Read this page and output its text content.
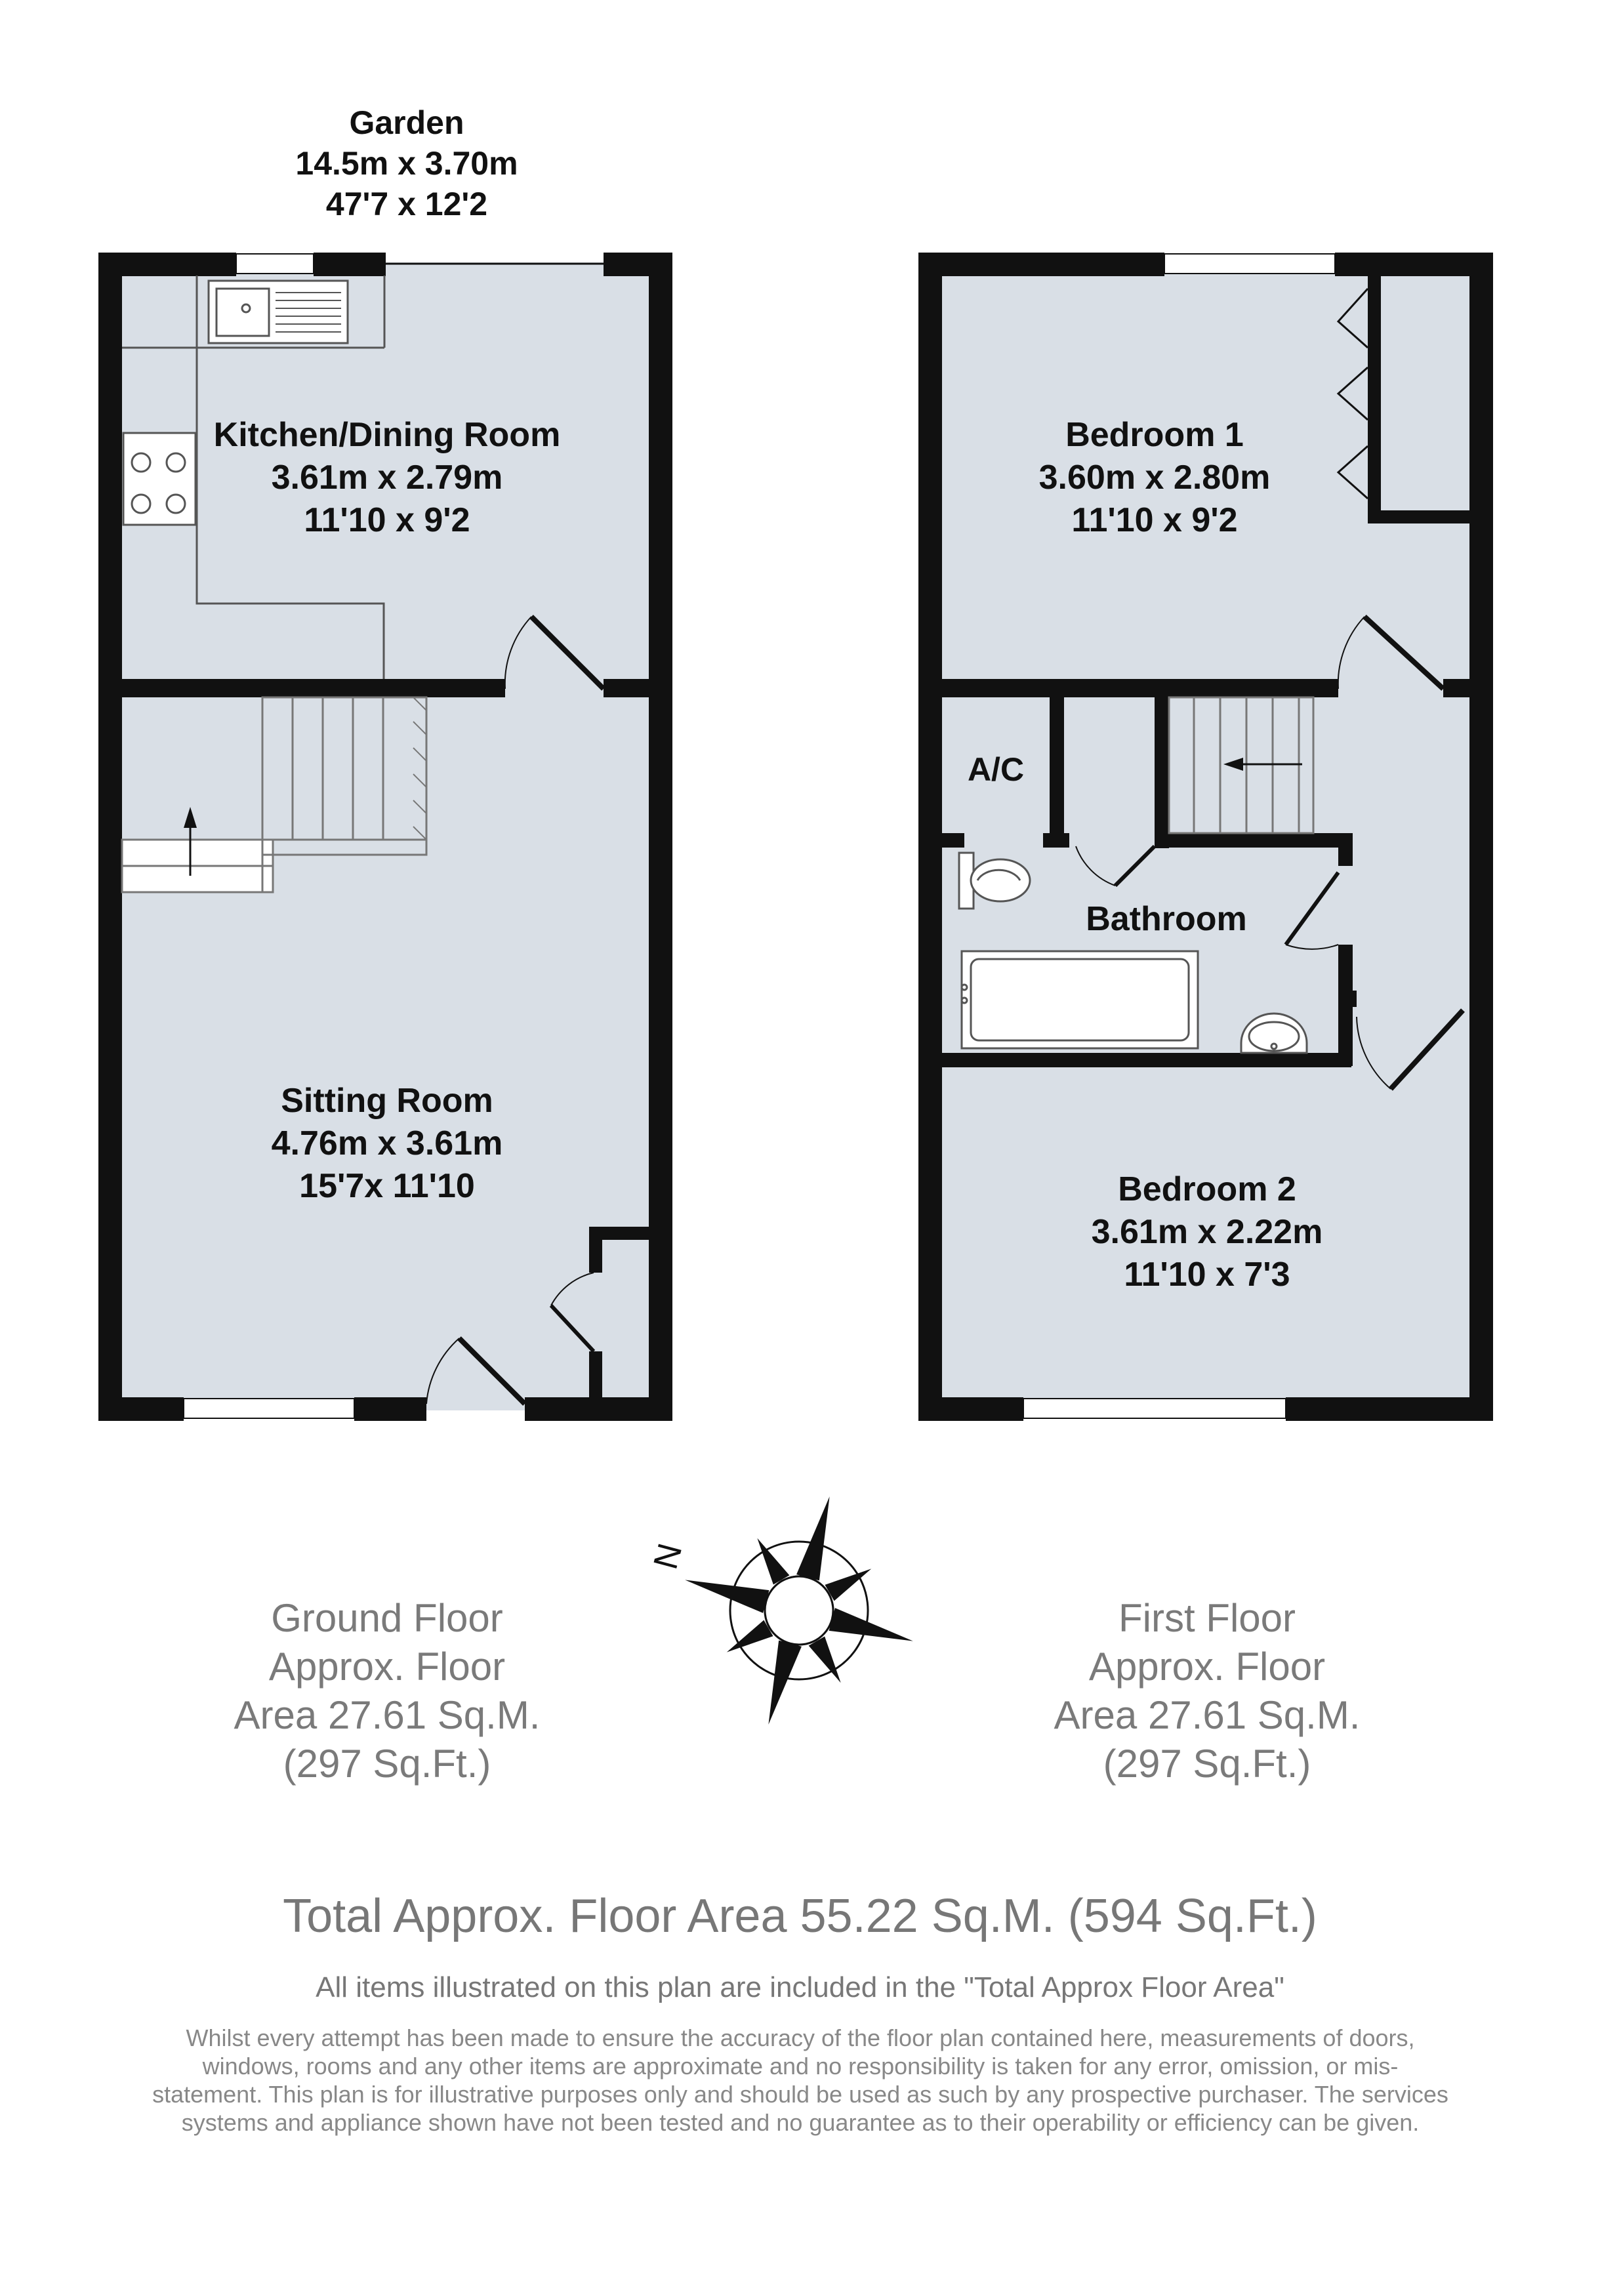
Garden
14.5m x 3.70m
47'7 x 12'2
Kitchen/Dining Room
3.61m x 2.79m
11'10 x 9'2
Sitting Room
4.76m x 3.61m
15'7x 11'10
Bedroom 1
3.60m x 2.80m
11'10 x 9'2
A/C
Bathroom
Bedroom 2
3.61m x 2.22m
11'10 x 7'3
N
Ground Floor
Approx. Floor
Area 27.61 Sq.M.
(297 Sq.Ft.)
First Floor
Approx. Floor
Area 27.61 Sq.M.
(297 Sq.Ft.)
Total Approx. Floor Area 55.22 Sq.M. (594 Sq.Ft.)
All items illustrated on this plan are included in the "Total Approx Floor Area"
Whilst every attempt has been made to ensure the accuracy of the floor plan contained here, measurements of doors, windows, rooms and any other items are approximate and no responsibility is taken for any error, omission, or mis-statement. This plan is for illustrative purposes only and should be used as such by any prospective purchaser. The services systems and appliance shown have not been tested and no guarantee as to their operability or efficiency can be given.
